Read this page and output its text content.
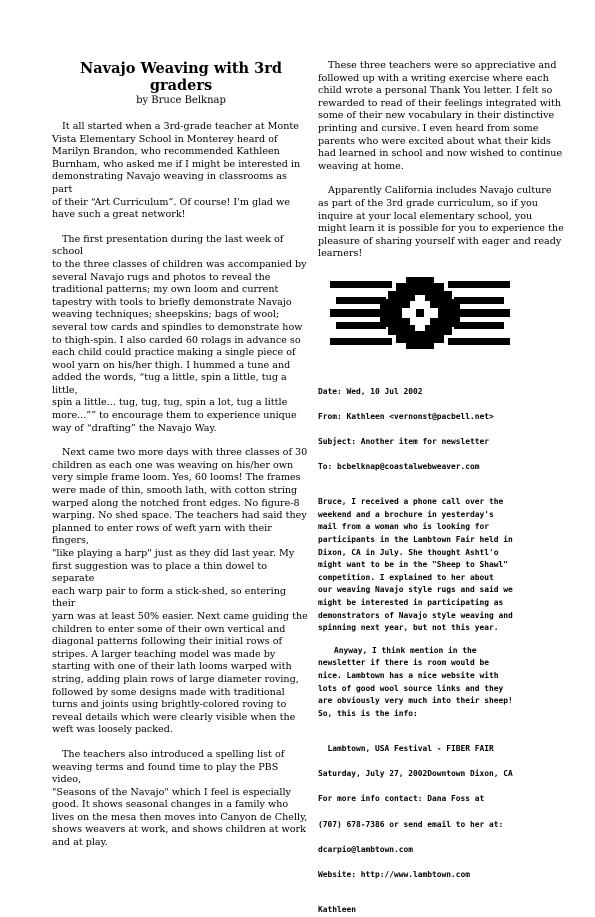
Navajo Weaving with 3rd graders

by Bruce Belknap

It all started when a 3rd-grade teacher at Monte
Vista Elementary School in Monterey heard of
Marilyn Brandon, who recommended Kathleen
Burnham, who asked me if I might be interested in
demonstrating Navajo weaving in classrooms as part
of their “Art Curriculum”. Of course! I'm glad we
have such a great network!

The first presentation during the last week of school
to the three classes of children was accompanied by
several Navajo rugs and photos to reveal the
traditional patterns; my own loom and current
tapestry with tools to briefly demonstrate Navajo
weaving techniques; sheepskins; bags of wool;
several tow cards and spindles to demonstrate how
to thigh-spin. I also carded 60 rolags in advance so
each child could practice making a single piece of
wool yarn on his/her thigh. I hummed a tune and
added the words, “tug a little, spin a little, tug a little,
spin a little... tug, tug, tug, spin a lot, tug a little
more...”” to encourage them to experience unique
way of “drafting” the Navajo Way.

Next came two more days with three classes of 30
children as each one was weaving on his/her own
very simple frame loom. Yes, 60 looms! The frames
were made of thin, smooth lath, with cotton string
warped along the notched front edges. No figure-8
warping. No shed space. The teachers had said they
planned to enter rows of weft yarn with their fingers,
"like playing a harp" just as they did last year. My
first suggestion was to place a thin dowel to separate
each warp pair to form a stick-shed, so entering their
yarn was at least 50% easier. Next came guiding the
children to enter some of their own vertical and
diagonal patterns following their initial rows of
stripes. A larger teaching model was made by
starting with one of their lath looms warped with
string, adding plain rows of large diameter roving,
followed by some designs made with traditional
turns and joints using brightly-colored roving to
reveal details which were clearly visible when the
weft was loosely packed.

The teachers also introduced a spelling list of
weaving terms and found time to play the PBS video,
"Seasons of the Navajo" which I feel is especially
good. It shows seasonal changes in a family who
lives on the mesa then moves into Canyon de Chelly,
shows weavers at work, and shows children at work
and at play.

These three teachers were so appreciative and
followed up with a writing exercise where each
child wrote a personal Thank You letter. I felt so
rewarded to read of their feelings integrated with
some of their new vocabulary in their distinctive
printing and cursive. I even heard from some
parents who were excited about what their kids
had learned in school and now wished to continue
weaving at home.

Apparently California includes Navajo culture
as part of the 3rd grade curriculum, so if you
inquire at your local elementary school, you
might learn it is possible for you to experience the
pleasure of sharing yourself with eager and ready
learners!

Date: Wed, 10 Jul 2002

From: Kathleen <vernonst@pacbell.net>

Subject: Another item for newsletter

To: bcbelknap@coastalwebweaver.com

Bruce, I received a phone call over the
weekend and a brochure in yesterday's
mail from a woman who is looking for
participants in the Lambtown Fair held in
Dixon, CA in July. She thought Ashtl'o
might want to be in the "Sheep to Shawl"
competition. I explained to her about
our weaving Navajo style rugs and said we
might be interested in participating as
demonstrators of Navajo style weaving and
spinning next year, but not this year.

Anyway, I think mention in the
newsletter if there is room would be
nice. Lambtown has a nice website with
lots of good wool source links and they
are obviously very much into their sheep!
So, this is the info:

Lambtown, USA Festival - FIBER FAIR

Saturday, July 27, 2002Downtown Dixon, CA

For more info contact: Dana Foss at

(707) 678-7386 or send email to her at:

dcarpio@lambtown.com

Website: http://www.lambtown.com

Kathleen
